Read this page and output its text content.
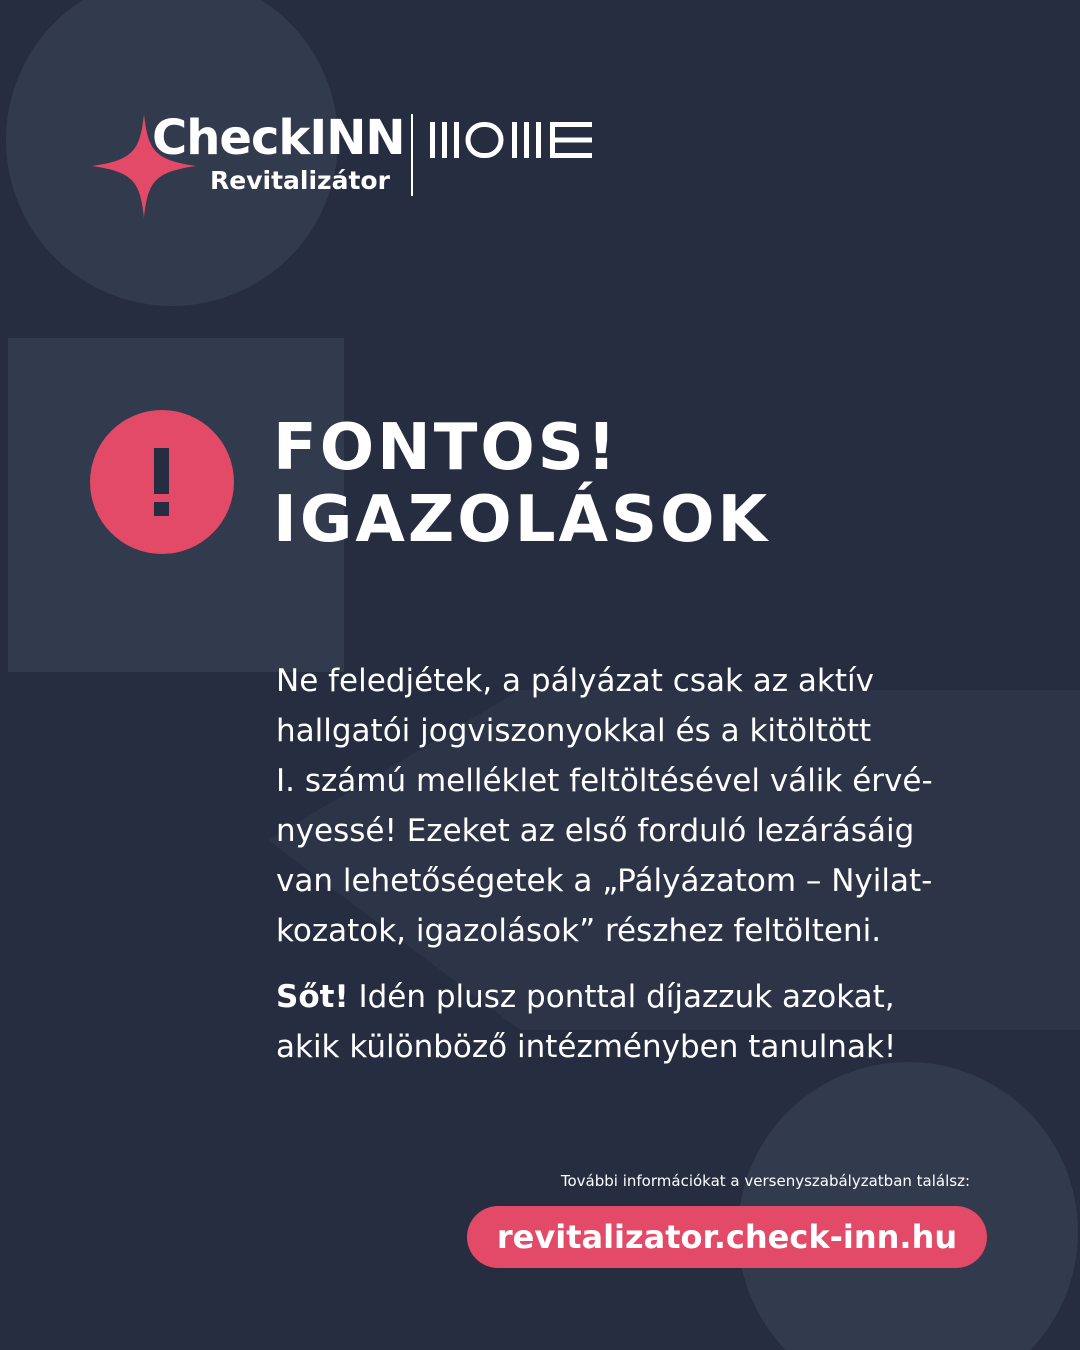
CheckINN
Revitalizátor
FONTOS!
IGAZOLÁSOK
Ne feledjétek, a pályázat csak az aktív
hallgatói jogviszonyokkal és a kitöltött
I. számú melléklet feltöltésével válik érvé-
nyessé! Ezeket az első forduló lezárásáig
van lehetőségetek a „Pályázatom – Nyilat-
kozatok, igazolások” részhez feltölteni.
Sőt! Idén plusz ponttal díjazzuk azokat,
akik különböző intézményben tanulnak!
További információkat a versenyszabályzatban találsz:
revitalizator.check-inn.hu
